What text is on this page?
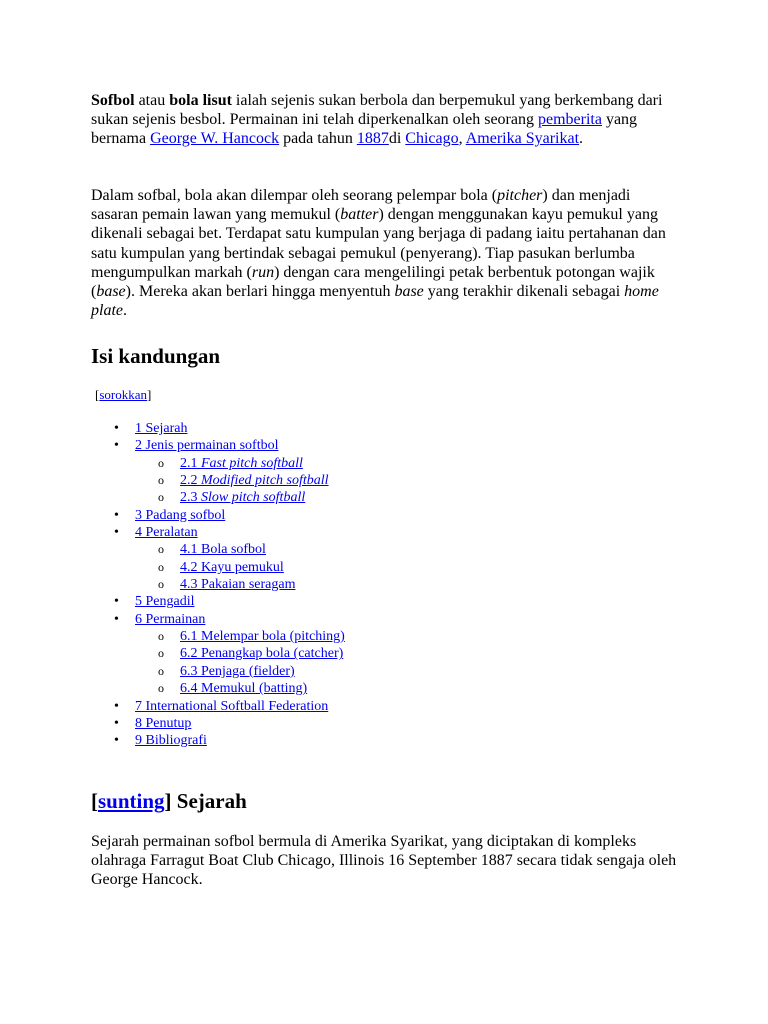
Sofbol atau bola lisut ialah sejenis sukan berbola dan berpemukul yang berkembang dari sukan sejenis besbol. Permainan ini telah diperkenalkan oleh seorang pemberita yang bernama George W. Hancock pada tahun 1887di Chicago, Amerika Syarikat.

Dalam sofbal, bola akan dilempar oleh seorang pelempar bola (pitcher) dan menjadi sasaran pemain lawan yang memukul (batter) dengan menggunakan kayu pemukul yang dikenali sebagai bet. Terdapat satu kumpulan yang berjaga di padang iaitu pertahanan dan satu kumpulan yang bertindak sebagai pemukul (penyerang). Tiap pasukan berlumba mengumpulkan markah (run) dengan cara mengelilingi petak berbentuk potongan wajik (base). Mereka akan berlari hingga menyentuh base yang terakhir dikenali sebagai home plate.

Isi kandungan
[sorokkan]
• 1 Sejarah
• 2 Jenis permainan softbol
o 2.1 Fast pitch softball
o 2.2 Modified pitch softball
o 2.3 Slow pitch softball
• 3 Padang sofbol
• 4 Peralatan
o 4.1 Bola sofbol
o 4.2 Kayu pemukul
o 4.3 Pakaian seragam
• 5 Pengadil
• 6 Permainan
o 6.1 Melempar bola (pitching)
o 6.2 Penangkap bola (catcher)
o 6.3 Penjaga (fielder)
o 6.4 Memukul (batting)
• 7 International Softball Federation
• 8 Penutup
• 9 Bibliografi
[sunting] Sejarah

Sejarah permainan sofbol bermula di Amerika Syarikat, yang diciptakan di kompleks olahraga Farragut Boat Club Chicago, Illinois 16 September 1887 secara tidak sengaja oleh George Hancock.
